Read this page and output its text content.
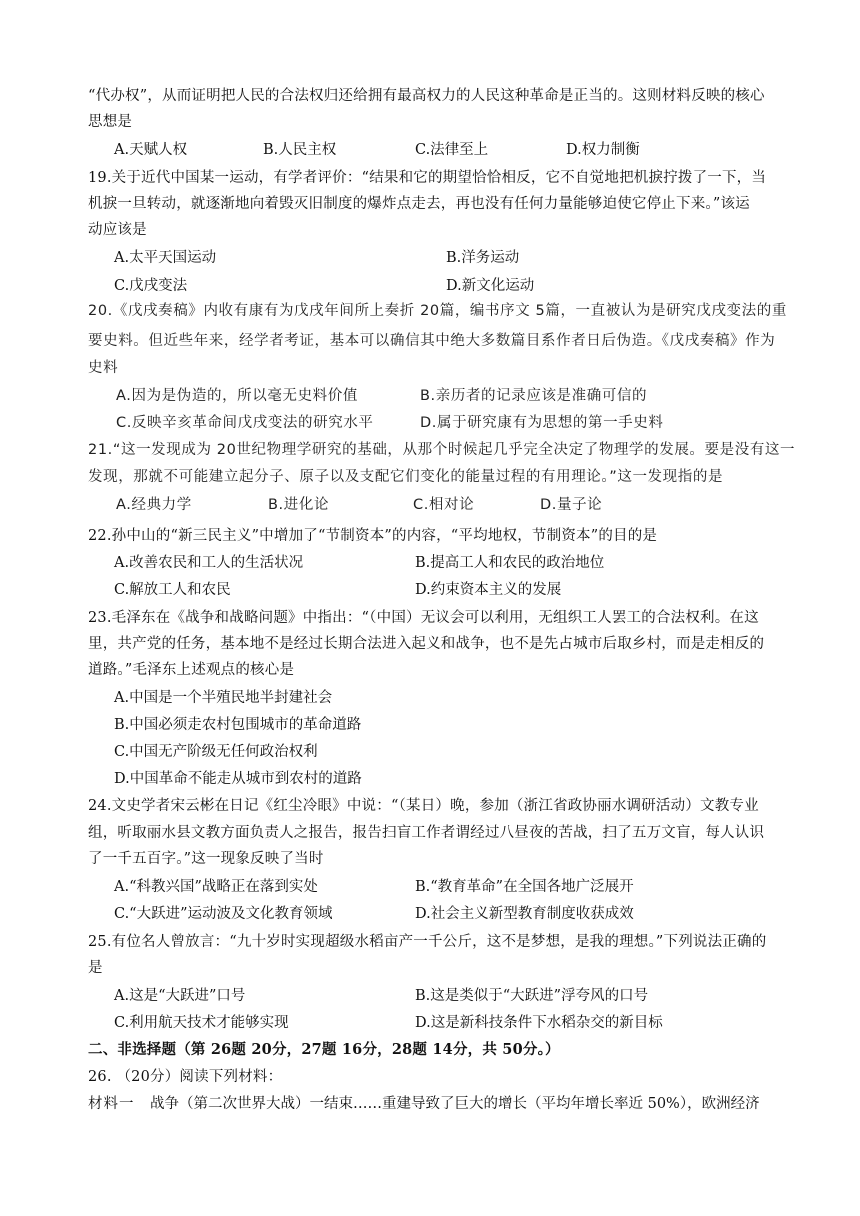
“代办权”，从而证明把人民的合法权归还给拥有最高权力的人民这种革命是正当的。这则材料反映的核心
思想是
A.天赋人权	B.人民主权	C.法律至上	D.权力制衡
19.关于近代中国某一运动，有学者评价：“结果和它的期望恰恰相反，它不自觉地把机捩拧拨了一下，当
机捩一旦转动，就逐渐地向着毁灭旧制度的爆炸点走去，再也没有任何力量能够迫使它停止下来。”该运
动应该是
A.太平天国运动	B.洋务运动
C.戊戌变法	D.新文化运动
20.《戊戌奏稿》内收有康有为戊戌年间所上奏折 20篇，编书序文 5篇，一直被认为是研究戊戌变法的重
要史料。但近些年来，经学者考证，基本可以确信其中绝大多数篇目系作者日后伪造。《戊戌奏稿》作为
史料
A.因为是伪造的，所以毫无史料价值	B.亲历者的记录应该是准确可信的
C.反映辛亥革命间戊戌变法的研究水平	D.属于研究康有为思想的第一手史料
21.“这一发现成为 20世纪物理学研究的基础，从那个时候起几乎完全决定了物理学的发展。要是没有这一
发现，那就不可能建立起分子、原子以及支配它们变化的能量过程的有用理论。”这一发现指的是
A.经典力学	B.进化论	C.相对论	D.量子论
22.孙中山的“新三民主义”中增加了“节制资本”的内容，“平均地权，节制资本”的目的是
A.改善农民和工人的生活状况	B.提高工人和农民的政治地位
C.解放工人和农民	D.约束资本主义的发展
23.毛泽东在《战争和战略问题》中指出：“（中国）无议会可以利用，无组织工人罢工的合法权利。在这
里，共产党的任务，基本地不是经过长期合法进入起义和战争，也不是先占城市后取乡村，而是走相反的
道路。”毛泽东上述观点的核心是
A.中国是一个半殖民地半封建社会
B.中国必须走农村包围城市的革命道路
C.中国无产阶级无任何政治权利
D.中国革命不能走从城市到农村的道路
24.文史学者宋云彬在日记《红尘冷眼》中说：“（某日）晚，参加（浙江省政协丽水调研活动）文教专业
组，听取丽水县文教方面负责人之报告，报告扫盲工作者谓经过八昼夜的苦战，扫了五万文盲，每人认识
了一千五百字。”这一现象反映了当时
A.“科教兴国”战略正在落到实处	B.“教育革命”在全国各地广泛展开
C.“大跃进”运动波及文化教育领域	D.社会主义新型教育制度收获成效
25.有位名人曾放言：“九十岁时实现超级水稻亩产一千公斤，这不是梦想，是我的理想。”下列说法正确的
是
A.这是“大跃进”口号	B.这是类似于“大跃进”浮夸风的口号
C.利用航天技术才能够实现	D.这是新科技条件下水稻杂交的新目标
二、非选择题（第 26题 20分，27题 16分，28题 14分，共 50分。）
26. （20分）阅读下列材料：
材料一 战争（第二次世界大战）一结束……重建导致了巨大的增长（平均年增长率近 50%），欧洲经济
